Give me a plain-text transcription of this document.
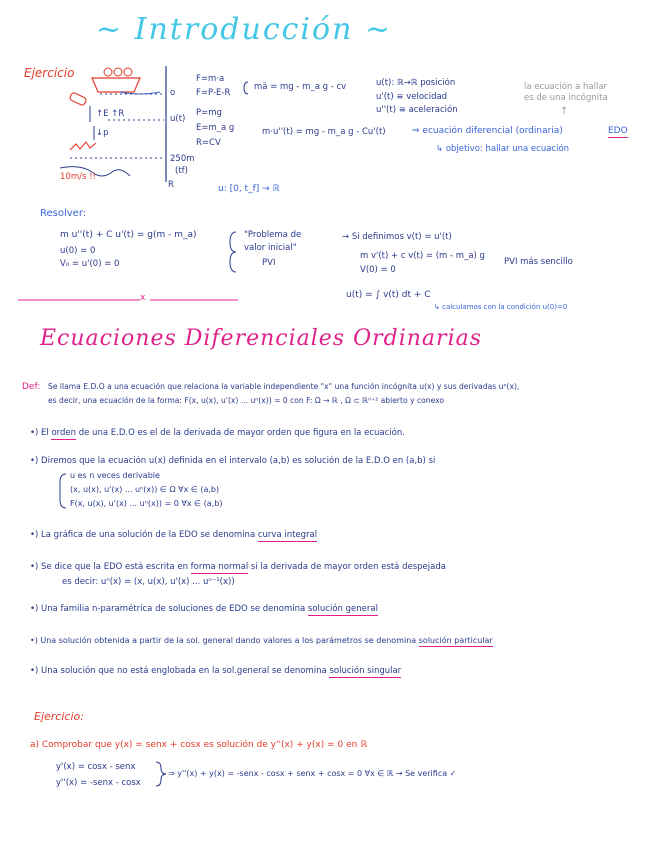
~ Introducción ~
Ejercicio
o
u(t)
250m
(tf)
R
↑E ↑R
↓p
10m/s !!
F=m·a
F=P-E-R
P=mg
E=m_a g
R=CV
mä = mg - m_a g - cv	u(t): ℝ→ℝ posición
u'(t) ≡ velocidad
u''(t) ≡ aceleración
m·u''(t) = mg - m_a g - Cu'(t)	⇒ ecuación diferencial (ordinaria)	EDO
↳ objetivo: hallar una ecuación
u: [0, t_f] → ℝ
la ecuación a hallar
es de una incógnita
↑
Resolver:
m u''(t) + C u'(t) = g(m - m_a)
u(0) = 0
V₀ = u'(0) = 0
"Problema de
valor inicial"
PVI
→ Si definimos v(t) = u'(t)
m v'(t) + c v(t) = (m - m_a) g
V(0) = 0
PVI más sencillo
u(t) = ∫ v(t) dt + C
↳ calculamos con la condición u(0)=0
x
Ecuaciones Diferenciales Ordinarias
Def: Se llama E.D.O a una ecuación que relaciona la variable independiente "x" una función incógnita u(x) y sus derivadas uⁿ(x),
es decir, una ecuación de la forma: F(x, u(x), u'(x) ... uⁿ(x)) = 0 con F: Ω → ℝ , Ω ⊂ ℝⁿ⁺² abierto y conexo
•) El orden de una E.D.O es el de la derivada de mayor orden que figura en la ecuación.
•) Diremos que la ecuación u(x) definida en el intervalo (a,b) es solución de la E.D.O en (a,b) si
u es n veces derivable
(x, u(x), u'(x) ... uⁿ(x)) ∈ Ω ∀x ∈ (a,b)
F(x, u(x), u'(x) ... uⁿ(x)) = 0 ∀x ∈ (a,b)
•) La gráfica de una solución de la EDO se denomina curva integral
•) Se dice que la EDO está escrita en forma normal si la derivada de mayor orden está despejada
es decir: uⁿ(x) = (x, u(x), u'(x) ... uⁿ⁻¹(x))
•) Una familia n-paramétrica de soluciones de EDO se denomina solución general
•) Una solución obtenida a partir de la sol. general dando valores a los parámetros se denomina solución particular
•) Una solución que no está englobada en la sol.general se denomina solución singular
Ejercicio:
a) Comprobar que y(x) = senx + cosx es solución de y''(x) + y(x) = 0 en ℝ
y'(x) = cosx - senx
y''(x) = -senx - cosx
⇒ y''(x) + y(x) = -senx - cosx + senx + cosx = 0 ∀x ∈ ℝ → Se verifica ✓
